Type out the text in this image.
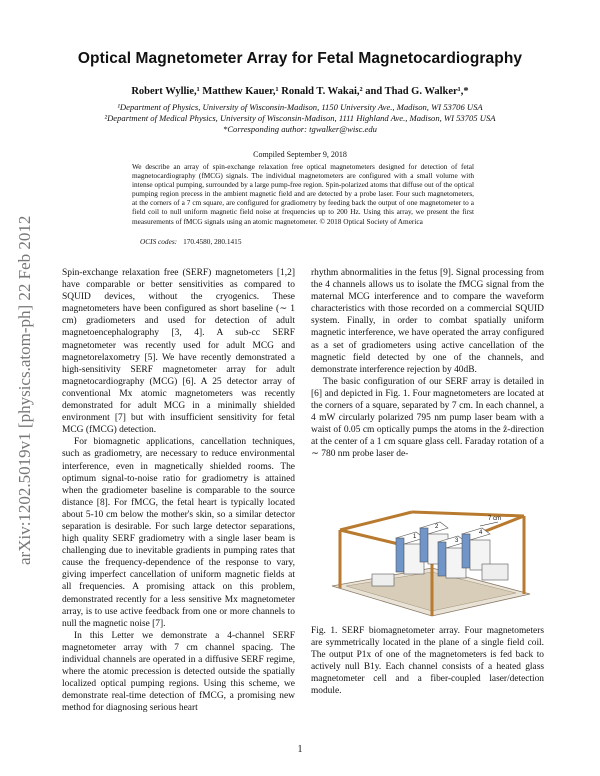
Optical Magnetometer Array for Fetal Magnetocardiography
Robert Wyllie,¹ Matthew Kauer,¹ Ronald T. Wakai,² and Thad G. Walker¹,*
¹Department of Physics, University of Wisconsin-Madison, 1150 University Ave., Madison, WI 53706 USA
²Department of Medical Physics, University of Wisconsin-Madison, 1111 Highland Ave., Madison, WI 53705 USA
*Corresponding author: tgwalker@wisc.edu
Compiled September 9, 2018
We describe an array of spin-exchange relaxation free optical magnetometers designed for detection of fetal magnetocardiography (fMCG) signals. The individual magnetometers are configured with a small volume with intense optical pumping, surrounded by a large pump-free region. Spin-polarized atoms that diffuse out of the optical pumping region precess in the ambient magnetic field and are detected by a probe laser. Four such magnetometers, at the corners of a 7 cm square, are configured for gradiometry by feeding back the output of one magnetometer to a field coil to null uniform magnetic field noise at frequencies up to 200 Hz. Using this array, we present the first measurements of fMCG signals using an atomic magnetometer. © 2018 Optical Society of America
OCIS codes: 170.4580, 280.1415
arXiv:1202.5019v1 [physics.atom-ph] 22 Feb 2012	Spin-exchange relaxation free (SERF) magnetometers [1,2] have comparable or better sensitivities as compared to SQUID devices, without the cryogenics. These magnetometers have been configured as short baseline (∼ 1 cm) gradiometers and used for detection of adult magnetoencephalography [3, 4]. A sub-cc SERF magnetometer was recently used for adult MCG and magnetorelaxometry [5]. We have recently demonstrated a high-sensitivity SERF magnetometer array for adult magnetocardiography (MCG) [6]. A 25 detector array of conventional Mx atomic magnetometers was recently demonstrated for adult MCG in a minimally shielded environment [7] but with insufficient sensitivity for fetal MCG (fMCG) detection.

For biomagnetic applications, cancellation techniques, such as gradiometry, are necessary to reduce environmental interference, even in magnetically shielded rooms. The optimum signal-to-noise ratio for gradiometry is attained when the gradiometer baseline is comparable to the source distance [8]. For fMCG, the fetal heart is typically located about 5-10 cm below the mother's skin, so a similar detector separation is desirable. For such large detector separations, high quality SERF gradiometry with a single laser beam is challenging due to inevitable gradients in pumping rates that cause the frequency-dependence of the response to vary, giving imperfect cancellation of uniform magnetic fields at all frequencies. A promising attack on this problem, demonstrated recently for a less sensitive Mx magnetometer array, is to use active feedback from one or more channels to null the magnetic noise [7].

In this Letter we demonstrate a 4-channel SERF magnetometer array with 7 cm channel spacing. The individual channels are operated in a diffusive SERF regime, where the atomic precession is detected outside the spatially localized optical pumping regions. Using this scheme, we demonstrate real-time detection of fMCG, a promising new method for diagnosing serious heart

rhythm abnormalities in the fetus [9]. Signal processing from the 4 channels allows us to isolate the fMCG signal from the maternal MCG interference and to compare the waveform characteristics with those recorded on a commercial SQUID system. Finally, in order to combat spatially uniform magnetic interference, we have operated the array configured as a set of gradiometers using active cancellation of the magnetic field detected by one of the channels, and demonstrate interference rejection by 40dB.

The basic configuration of our SERF array is detailed in [6] and depicted in Fig. 1. Four magnetometers are located at the corners of a square, separated by 7 cm. In each channel, a 4 mW circularly polarized 795 nm pump laser beam with a waist of 0.05 cm optically pumps the atoms in the ẑ-direction at the center of a 1 cm square glass cell. Faraday rotation of a ∼ 780 nm probe laser de-

1
2
3
4
7 cm
Fig. 1. SERF biomagnetometer array. Four magnetometers are symmetrically located in the plane of a single field coil. The output P1x of one of the magnetometers is fed back to actively null B1y. Each channel consists of a heated glass magnetometer cell and a fiber-coupled laser/detection module.
1
